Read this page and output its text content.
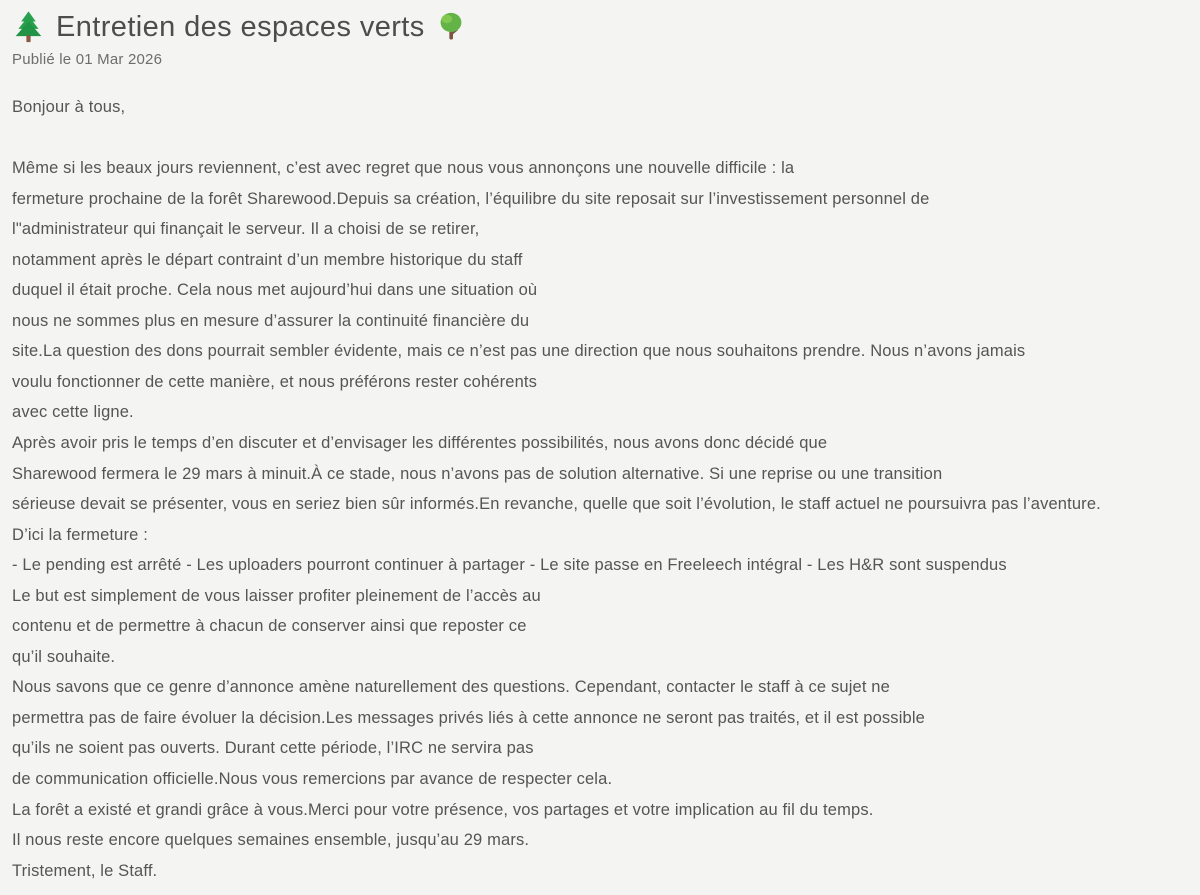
Entretien des espaces verts
Publié le 01 Mar 2026
Bonjour à tous,

Même si les beaux jours reviennent, c’est avec regret que nous vous annonçons une nouvelle difficile : la
fermeture prochaine de la forêt Sharewood.Depuis sa création, l’équilibre du site reposait sur l’investissement personnel de
l"administrateur qui finançait le serveur. Il a choisi de se retirer,
notamment après le départ contraint d’un membre historique du staff
duquel il était proche. Cela nous met aujourd’hui dans une situation où
nous ne sommes plus en mesure d’assurer la continuité financière du
site.La question des dons pourrait sembler évidente, mais ce n’est pas une direction que nous souhaitons prendre. Nous n’avons jamais
voulu fonctionner de cette manière, et nous préférons rester cohérents
avec cette ligne.
Après avoir pris le temps d’en discuter et d’envisager les différentes possibilités, nous avons donc décidé que
Sharewood fermera le 29 mars à minuit.À ce stade, nous n’avons pas de solution alternative. Si une reprise ou une transition
sérieuse devait se présenter, vous en seriez bien sûr informés.En revanche, quelle que soit l’évolution, le staff actuel ne poursuivra pas l’aventure.
D’ici la fermeture :
- Le pending est arrêté - Les uploaders pourront continuer à partager - Le site passe en Freeleech intégral - Les H&R sont suspendus
Le but est simplement de vous laisser profiter pleinement de l’accès au
contenu et de permettre à chacun de conserver ainsi que reposter ce
qu’il souhaite.
Nous savons que ce genre d’annonce amène naturellement des questions. Cependant, contacter le staff à ce sujet ne
permettra pas de faire évoluer la décision.Les messages privés liés à cette annonce ne seront pas traités, et il est possible
qu’ils ne soient pas ouverts. Durant cette période, l’IRC ne servira pas
de communication officielle.Nous vous remercions par avance de respecter cela.
La forêt a existé et grandi grâce à vous.Merci pour votre présence, vos partages et votre implication au fil du temps.
Il nous reste encore quelques semaines ensemble, jusqu’au 29 mars.
Tristement, le Staff.
